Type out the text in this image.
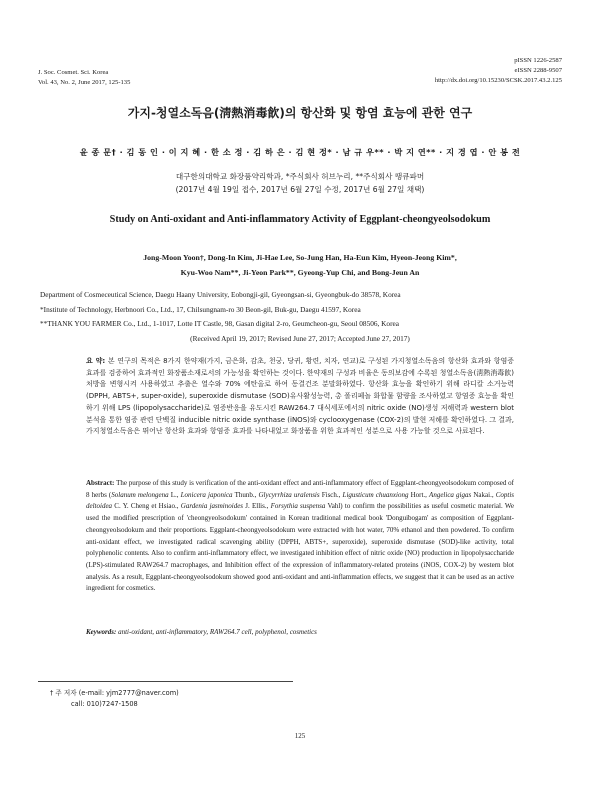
J. Soc. Cosmet. Sci. Korea
Vol. 43, No. 2, June 2017, 125-135
pISSN 1226-2587
eISSN 2288-9507
http://dx.doi.org/10.15230/SCSK.2017.43.2.125
가지-청열소독음(淸熱消毒飮)의 항산화 및 항염 효능에 관한 연구
윤 종 문† · 김 동 인 · 이 지 혜 · 한 소 정 · 김 하 은 · 김 현 정* · 남 규 우** · 박 지 연** · 지 경 엽 · 안 봉 전
대구한의대학교 화장품약리학과, *주식회사 허브누리, **주식회사 땡큐파머
(2017년 4월 19일 접수, 2017년 6월 27일 수정, 2017년 6월 27일 채택)
Study on Anti-oxidant and Anti-inflammatory Activity of Eggplant-cheongyeolsodokum
Jong-Moon Yoon†, Dong-In Kim, Ji-Hae Lee, So-Jung Han, Ha-Eun Kim, Hyeon-Jeong Kim*,
Kyu-Woo Nam**, Ji-Yeon Park**, Gyeong-Yup Chi, and Bong-Jeun An
Department of Cosmeceutical Science, Daegu Haany University, Eobongji-gil, Gyeongsan-si, Gyeongbuk-do 38578, Korea
*Institute of Technology, Herbnoori Co., Ltd., 17, Chilsungnam-ro 30 Beon-gil, Buk-gu, Daegu 41597, Korea
**THANK YOU FARMER Co., Ltd., 1-1017, Lotte IT Castle, 98, Gasan digital 2-ro, Geumcheon-gu, Seoul 08506, Korea
(Received April 19, 2017; Revised June 27, 2017; Accepted June 27, 2017)
요 약: 본 연구의 목적은 8가지 한약재(가지, 금은화, 감초, 천궁, 당귀, 황련, 치자, 연교)로 구성된 가지청열소독음의 항산화 효과와 항염증 효과를 검증하여 효과적인 화장품소재로서의 가능성을 확인하는 것이다. 한약재의 구성과 비율은 동의보감에 수록된 청열소독음(淸熱消毒飮) 처방을 변형시켜 사용하였고 추출은 열수와 70% 에탄올로 하여 동결건조 분말화하였다. 항산화 효능을 확인하기 위해 라디칼 소거능력(DPPH, ABTS+, super-oxide), superoxide dismutase (SOD)유사활성능력, 총 폴리페놀 화합물 함량을 조사하였고 항염증 효능을 확인하기 위해 LPS (lipopolysaccharide)로 염증반응을 유도시킨 RAW264.7 대식세포에서의 nitric oxide (NO)생성 저해력과 western blot 분석을 통한 염증 관련 단백질 inducible nitric oxide synthase (iNOS)와 cyclooxygenase (COX-2)의 발현 저해를 확인하였다. 그 결과, 가지청열소독음은 뛰어난 항산화 효과와 항염증 효과를 나타내었고 화장품을 위한 효과적인 성분으로 사용 가능할 것으로 사료된다.
Abstract: The purpose of this study is verification of the anti-oxidant effect and anti-inflammatory effect of Eggplant-cheongyeolsodokum composed of 8 herbs (Solanum melongena L., Lonicera japonica Thunb., Glycyrrhiza uralensis Fisch., Ligusticum chuanxiong Hort., Angelica gigas Nakai., Coptis deltoidea C. Y. Cheng et Hsiao., Gardenia jasminoides J. Ellis., Forsythia suspensa Vahl) to confirm the possibilities as useful cosmetic material. We used the modified prescription of 'cheongyeolsodokum' contained in Korean traditional medical book 'Donguibogam' as composition of Eggplant-cheongyeolsodokum and their proportions. Eggplant-cheongyeolsodokum were extracted with hot water, 70% ethanol and then powdered. To confirm anti-oxidant effect, we investigated radical scavenging ability (DPPH, ABTS+, superoxide), superoxide dismutase (SOD)-like activity, total polyphenolic contents. Also to confirm anti-inflammatory effect, we investigated inhibition effect of nitric oxide (NO) production in lipopolysaccharide (LPS)-stimulated RAW264.7 macrophages, and Inhibition effect of the expression of inflammatory-related proteins (iNOS, COX-2) by western blot analysis. As a result, Eggplant-cheongyeolsodokum showed good anti-oxidant and anti-inflammation effects, we suggest that it can be used as an active ingredient for cosmetics.
Keywords: anti-oxidant, anti-inflammatory, RAW264.7 cell, polyphenol, cosmetics
† 주 저자 (e-mail: yjm2777@naver.com)
call: 010)7247-1508
125
